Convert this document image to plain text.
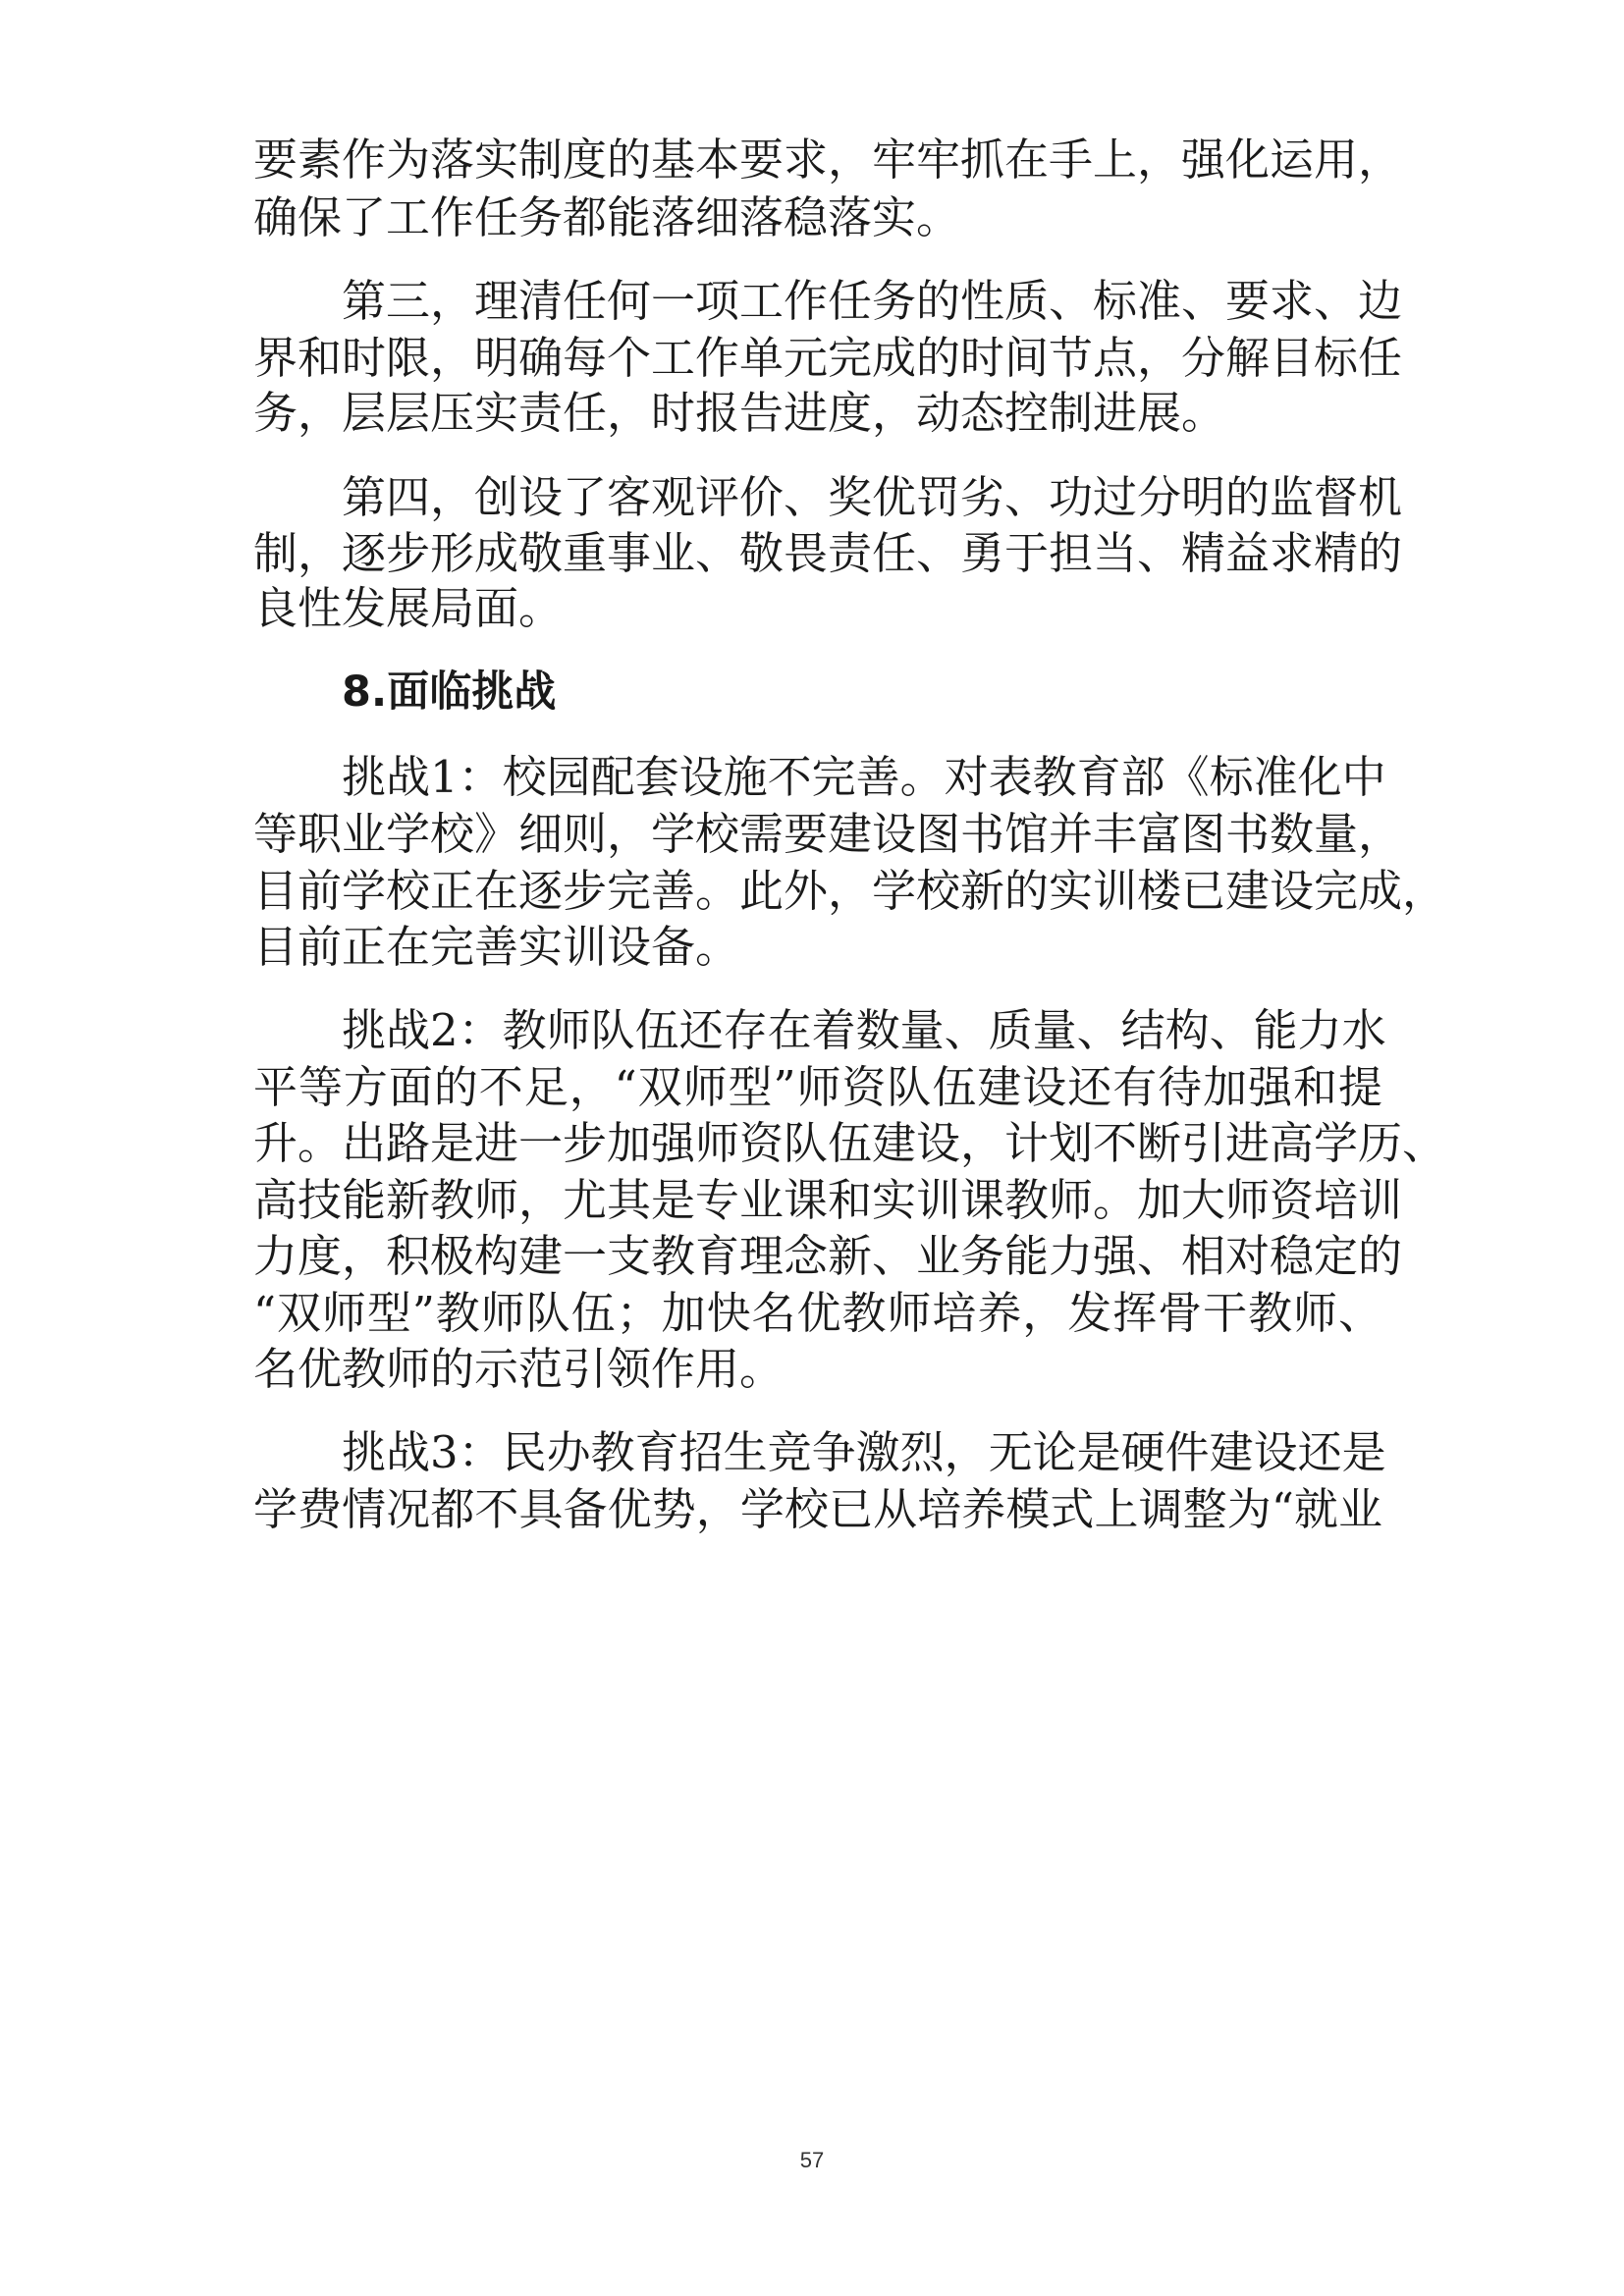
要素作为落实制度的基本要求，牢牢抓在手上，强化运用，

确保了工作任务都能落细落稳落实。

第三，理清任何一项工作任务的性质、标准、要求、边

界和时限，明确每个工作单元完成的时间节点，分解目标任

务，层层压实责任，时报告进度，动态控制进展。

第四，创设了客观评价、奖优罚劣、功过分明的监督机

制，逐步形成敬重事业、敬畏责任、勇于担当、精益求精的

良性发展局面。

8.面临挑战

挑战1：校园配套设施不完善。对表教育部《标准化中

等职业学校》细则，学校需要建设图书馆并丰富图书数量，

目前学校正在逐步完善。此外，学校新的实训楼已建设完成，

目前正在完善实训设备。

挑战2：教师队伍还存在着数量、质量、结构、能力水

平等方面的不足，“双师型”师资队伍建设还有待加强和提

升。出路是进一步加强师资队伍建设，计划不断引进高学历、

高技能新教师，尤其是专业课和实训课教师。加大师资培训

力度，积极构建一支教育理念新、业务能力强、相对稳定的

“双师型”教师队伍；加快名优教师培养，发挥骨干教师、

名优教师的示范引领作用。

挑战3：民办教育招生竞争激烈，无论是硬件建设还是

学费情况都不具备优势，学校已从培养模式上调整为“就业

57
